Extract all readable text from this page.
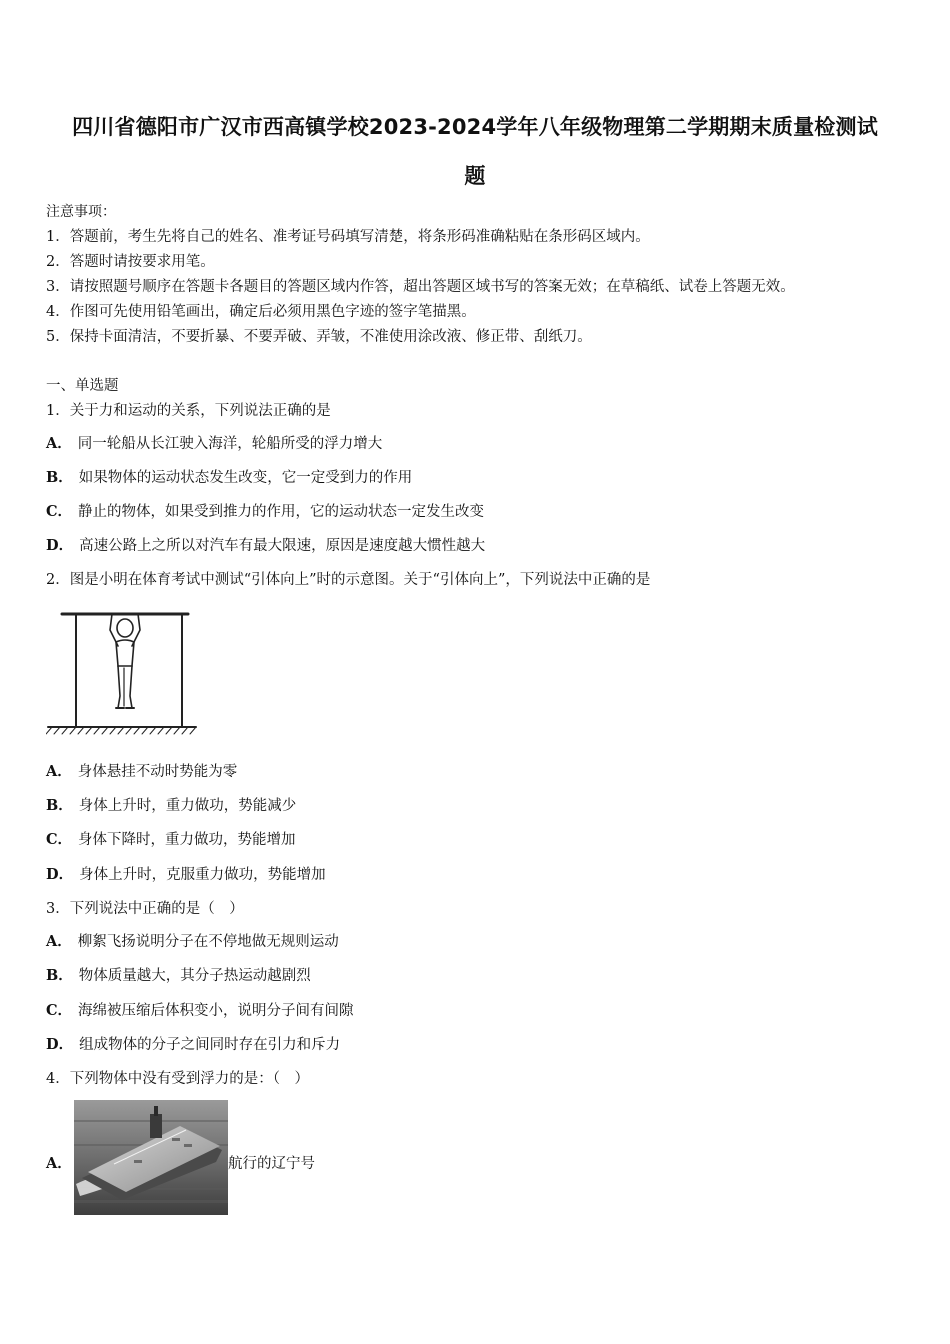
四川省德阳市广汉市西高镇学校2023-2024学年八年级物理第二学期期末质量检测试
题
注意事项：
1．答题前，考生先将自己的姓名、准考证号码填写清楚，将条形码准确粘贴在条形码区域内。
2．答题时请按要求用笔。
3．请按照题号顺序在答题卡各题目的答题区域内作答，超出答题区域书写的答案无效；在草稿纸、试卷上答题无效。
4．作图可先使用铅笔画出，确定后必须用黑色字迹的签字笔描黑。
5．保持卡面清洁，不要折暴、不要弄破、弄皱，不准使用涂改液、修正带、刮纸刀。
一、单选题
1．关于力和运动的关系，下列说法正确的是
A． 同一轮船从长江驶入海洋，轮船所受的浮力增大
B． 如果物体的运动状态发生改变，它一定受到力的作用
C． 静止的物体，如果受到推力的作用，它的运动状态一定发生改变
D． 高速公路上之所以对汽车有最大限速，原因是速度越大惯性越大
2．图是小明在体育考试中测试“引体向上”时的示意图。关于“引体向上”，下列说法中正确的是
A． 身体悬挂不动时势能为零
B． 身体上升时，重力做功，势能减少
C． 身体下降时，重力做功，势能增加
D． 身体上升时，克服重力做功，势能增加
3．下列说法中正确的是（　）
A． 柳絮飞扬说明分子在不停地做无规则运动
B． 物体质量越大，其分子热运动越剧烈
C． 海绵被压缩后体积变小，说明分子间有间隙
D． 组成物体的分子之间同时存在引力和斥力
4．下列物体中没有受到浮力的是：（　）
A．	航行的辽宁号
